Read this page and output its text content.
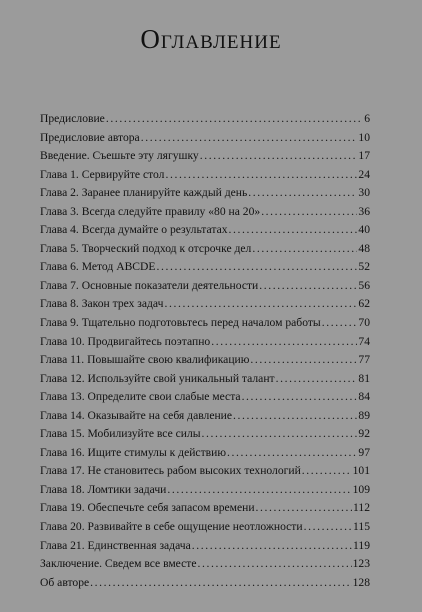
Оглавление
Предисловие .....	6
Предисловие автора .....	10
Введение. Съешьте эту лягушку .....	17
Глава 1. Сервируйте стол .....	24
Глава 2. Заранее планируйте каждый день .....	30
Глава 3. Всегда следуйте правилу «80 на 20» .....	36
Глава 4. Всегда думайте о результатах .....	40
Глава 5. Творческий подход к отсрочке дел .....	48
Глава 6. Метод ABCDE .....	52
Глава 7. Основные показатели деятельности .....	56
Глава 8. Закон трех задач .....	62
Глава 9. Тщательно подготовьтесь перед началом работы .....	70
Глава 10. Продвигайтесь поэтапно .....	74
Глава 11. Повышайте свою квалификацию .....	77
Глава 12. Используйте свой уникальный талант .....	81
Глава 13. Определите свои слабые места .....	84
Глава 14. Оказывайте на себя давление .....	89
Глава 15. Мобилизуйте все силы .....	92
Глава 16. Ищите стимулы к действию .....	97
Глава 17. Не становитесь рабом высоких технологий .....	101
Глава 18. Ломтики задачи .....	109
Глава 19. Обеспечьте себя запасом времени .....	112
Глава 20. Развивайте в себе ощущение неотложности .....	115
Глава 21. Единственная задача .....	119
Заключение. Сведем все вместе .....	123
Об авторе .....	128
